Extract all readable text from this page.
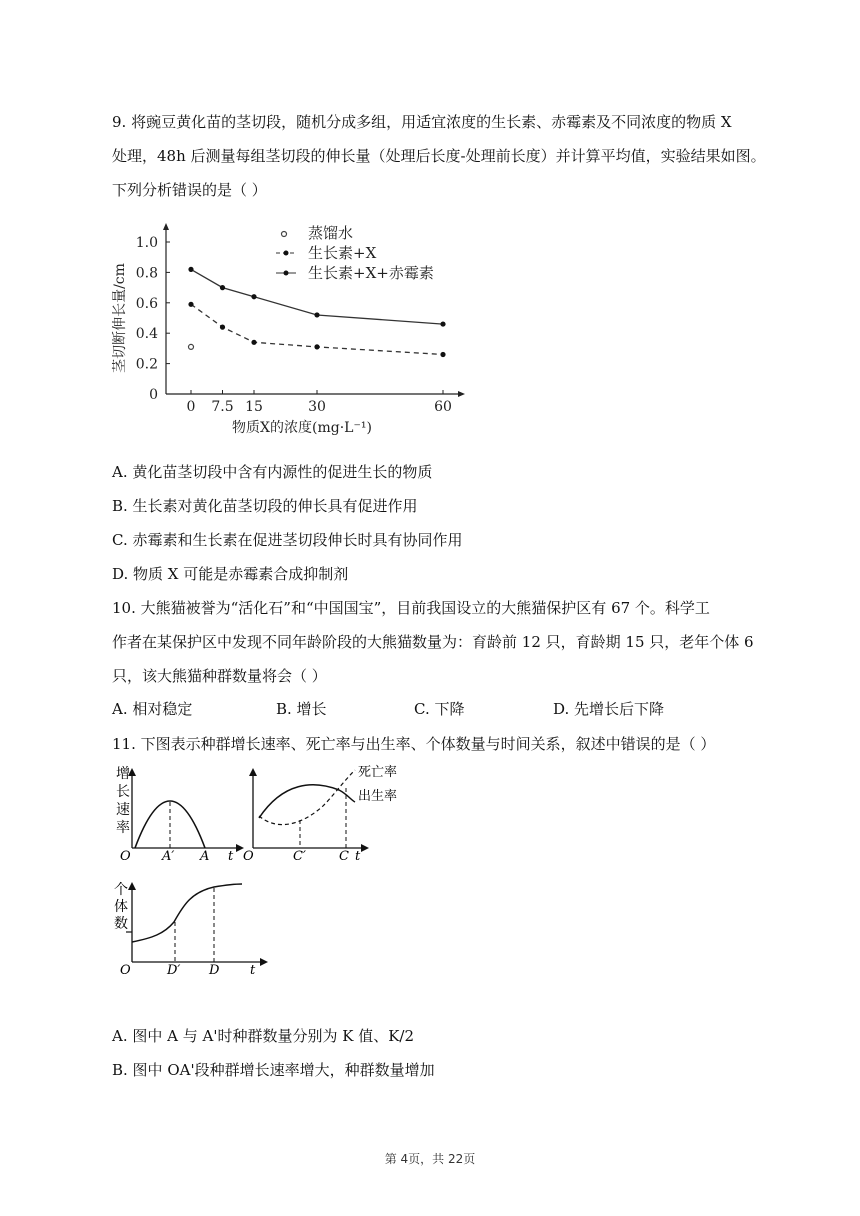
9. 将豌豆黄化苗的茎切段，随机分成多组，用适宜浓度的生长素、赤霉素及不同浓度的物质 X
处理，48h 后测量每组茎切段的伸长量（处理后长度-处理前长度）并计算平均值，实验结果如图。
下列分析错误的是（ ）
0
0.2
0.4
0.6
0.8
1.0
0 7.5 15	30	60
物质X的浓度(mg·L⁻¹)
茎切断伸长量/cm
蒸馏水
生长素+X
生长素+X+赤霉素
A. 黄化苗茎切段中含有内源性的促进生长的物质
B. 生长素对黄化苗茎切段的伸长具有促进作用
C. 赤霉素和生长素在促进茎切段伸长时具有协同作用
D. 物质 X 可能是赤霉素合成抑制剂
10. 大熊猫被誉为“活化石”和“中国国宝”，目前我国设立的大熊猫保护区有 67 个。科学工
作者在某保护区中发现不同年龄阶段的大熊猫数量为：育龄前 12 只，育龄期 15 只，老年个体 6
只，该大熊猫种群数量将会（ ）
A. 相对稳定	B. 增长	C. 下降	D. 先增长后下降
11. 下图表示种群增长速率、死亡率与出生率、个体数量与时间关系，叙述中错误的是（ ）
增
长
速
率
O A′ A t
死亡率
出生率
O	C′	C t
个
体
数
O	D′ D t
A. 图中 A 与 A'时种群数量分别为 K 值、K/2
B. 图中 OA'段种群增长速率增大，种群数量增加
第 4页，共 22页
